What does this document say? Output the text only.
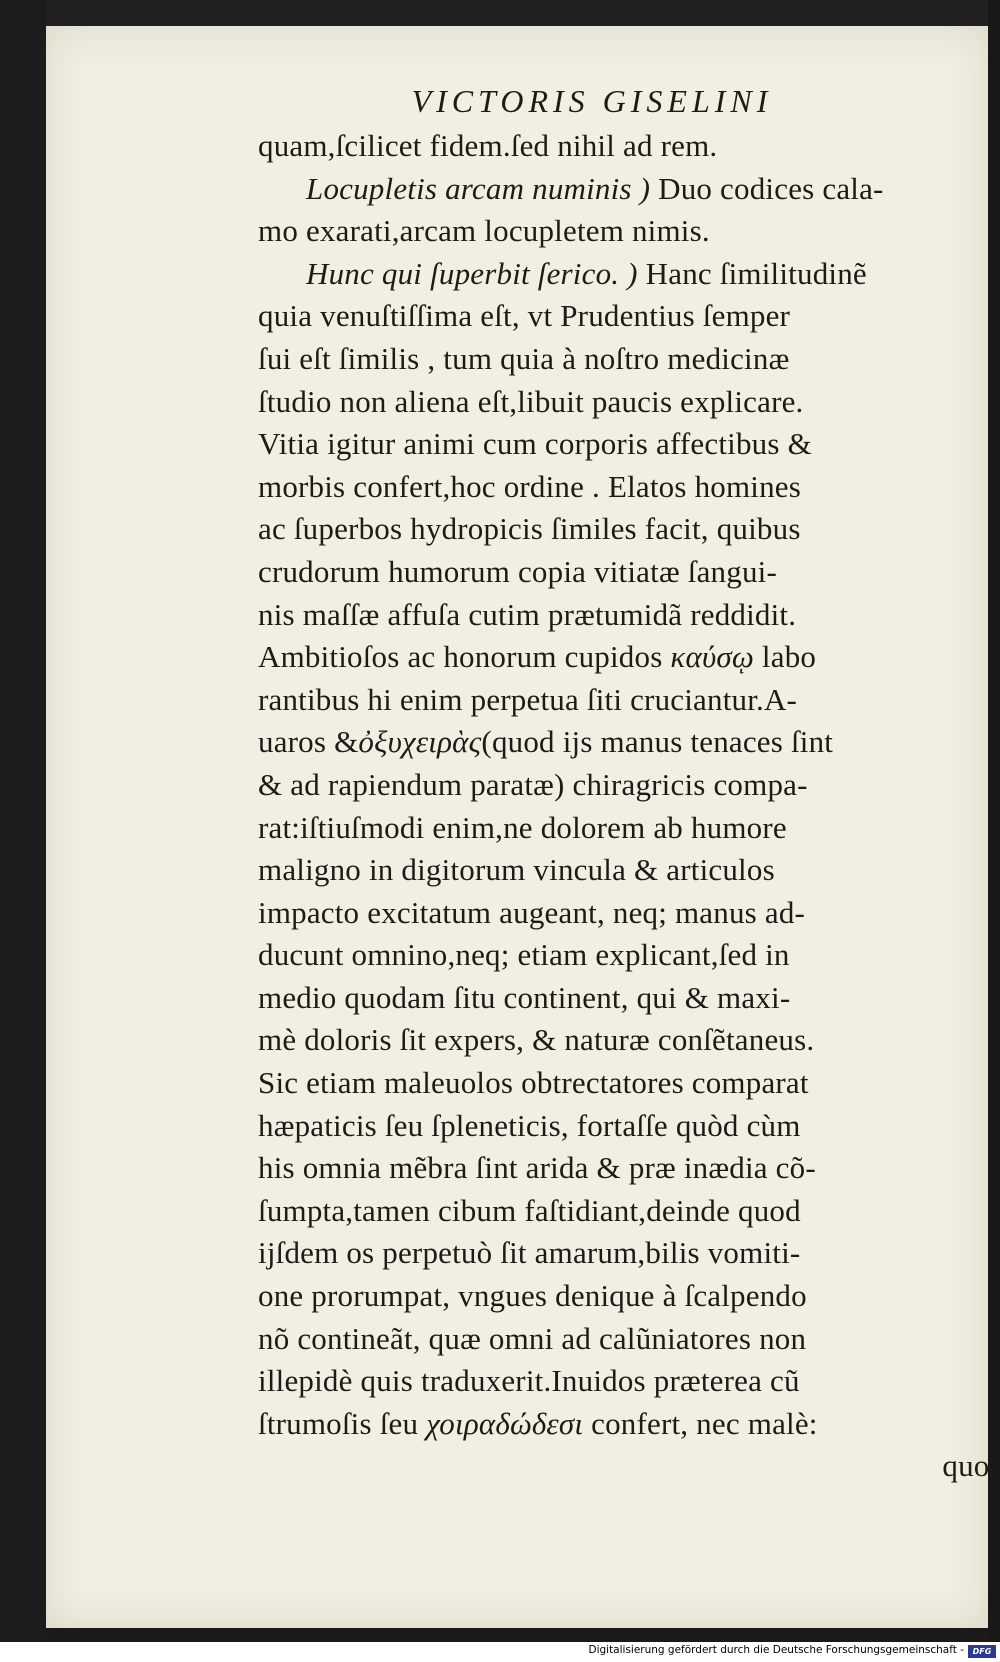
VICTORIS GISELINI
quam,ſcilicet fidem.ſed nihil ad rem.
Locupletis arcam numinis ) Duo codices cala-
mo exarati,arcam locupletem nimis.
Hunc qui ſuperbit ſerico. ) Hanc ſimilitudinẽ
quia venuſtiſſima eſt, vt Prudentius ſemper
ſui eſt ſimilis , tum quia à noſtro medicinæ
ſtudio non aliena eſt,libuit paucis explicare.
Vitia igitur animi cum corporis affectibus &
morbis confert,hoc ordine . Elatos homines
ac ſuperbos hydropicis ſimiles facit, quibus
crudorum humorum copia vitiatæ ſangui-
nis maſſæ affuſa cutim prætumidã reddidit.
Ambitioſos ac honorum cupidos καύσῳ labo
rantibus hi enim perpetua ſiti cruciantur.A-
uaros &ὀξυχειρὰς(quod ijs manus tenaces ſint
& ad rapiendum paratæ) chiragricis compa-
rat:iſtiuſmodi enim,ne dolorem ab humore
maligno in digitorum vincula & articulos
impacto excitatum augeant, neq; manus ad-
ducunt omnino,neq; etiam explicant,ſed in
medio quodam ſitu continent, qui & maxi-
mè doloris ſit expers, & naturæ conſẽtaneus.
Sic etiam maleuolos obtrectatores comparat
hæpaticis ſeu ſpleneticis, fortaſſe quòd cùm
his omnia mẽbra ſint arida & præ inædia cõ-
ſumpta,tamen cibum faſtidiant,deinde quod
ijſdem os perpetuò ſit amarum,bilis vomiti-
one prorumpat, vngues denique à ſcalpendo
nõ contineãt, quæ omni ad calũniatores non
illepidè quis traduxerit.Inuidos præterea cũ
ſtrumoſis ſeu χοιραδώδεσι confert, nec malè:
quo-
Digitalisierung gefördert durch die Deutsche Forschungsgemeinschaft -	DFG
